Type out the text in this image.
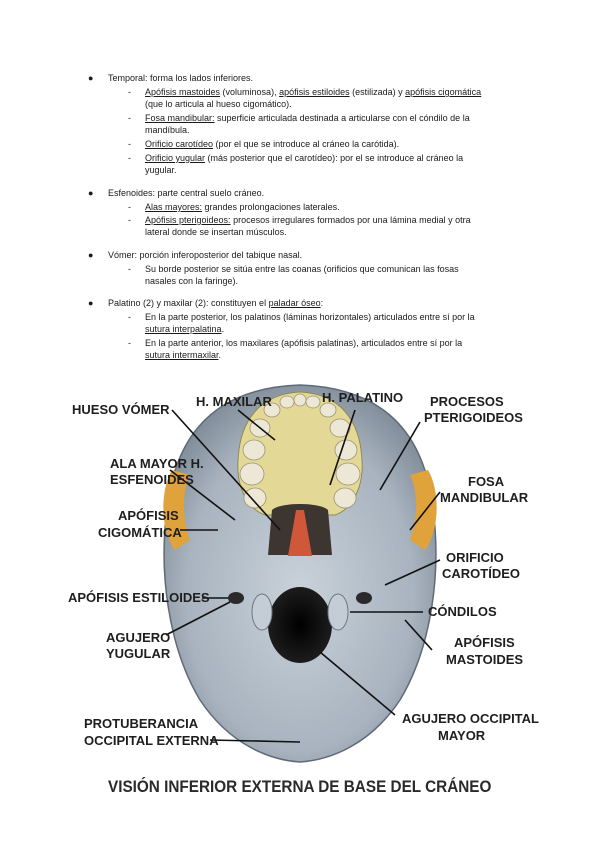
● Temporal: forma los lados inferiores.
- Apófisis mastoides (voluminosa), apófisis estiloides (estilizada) y apófisis cigomática
(que lo articula al hueso cigomático).
- Fosa mandibular: superficie articulada destinada a articularse con el cóndilo de la
mandíbula.
- Orificio carotídeo (por el que se introduce al cráneo la carótida).
- Orificio yugular (más posterior que el carotídeo): por el se introduce al cráneo la
yugular.
● Esfenoides: parte central suelo cráneo.
- Alas mayores: grandes prolongaciones laterales.
- Apófisis pterigoideos: procesos irregulares formados por una lámina medial y otra
lateral donde se insertan músculos.
● Vómer: porción inferoposterior del tabique nasal.
- Su borde posterior se sitúa entre las coanas (orificios que comunican las fosas
nasales con la faringe).
● Palatino (2) y maxilar (2): constituyen el paladar óseo:
- En la parte posterior, los palatinos (láminas horizontales) articulados entre sí por la
sutura interpalatina.
- En la parte anterior, los maxilares (apófisis palatinas), articulados entre sí por la
sutura intermaxilar.
HUESO VÓMER
H. MAXILAR	H. PALATINO PROCESOS
PTERIGOIDEOS
ALA MAYOR H.
ESFENOIDES	FOSA
MANDIBULAR
APÓFISIS
CIGOMÁTICA
ORIFICIO
CAROTÍDEO
APÓFISIS ESTILOIDES
CÓNDILOS
AGUJERO
YUGULAR
APÓFISIS
MASTOIDES
PROTUBERANCIA
OCCIPITAL EXTERNA
AGUJERO OCCIPITAL
MAYOR
VISIÓN INFERIOR EXTERNA DE BASE DEL CRÁNEO
